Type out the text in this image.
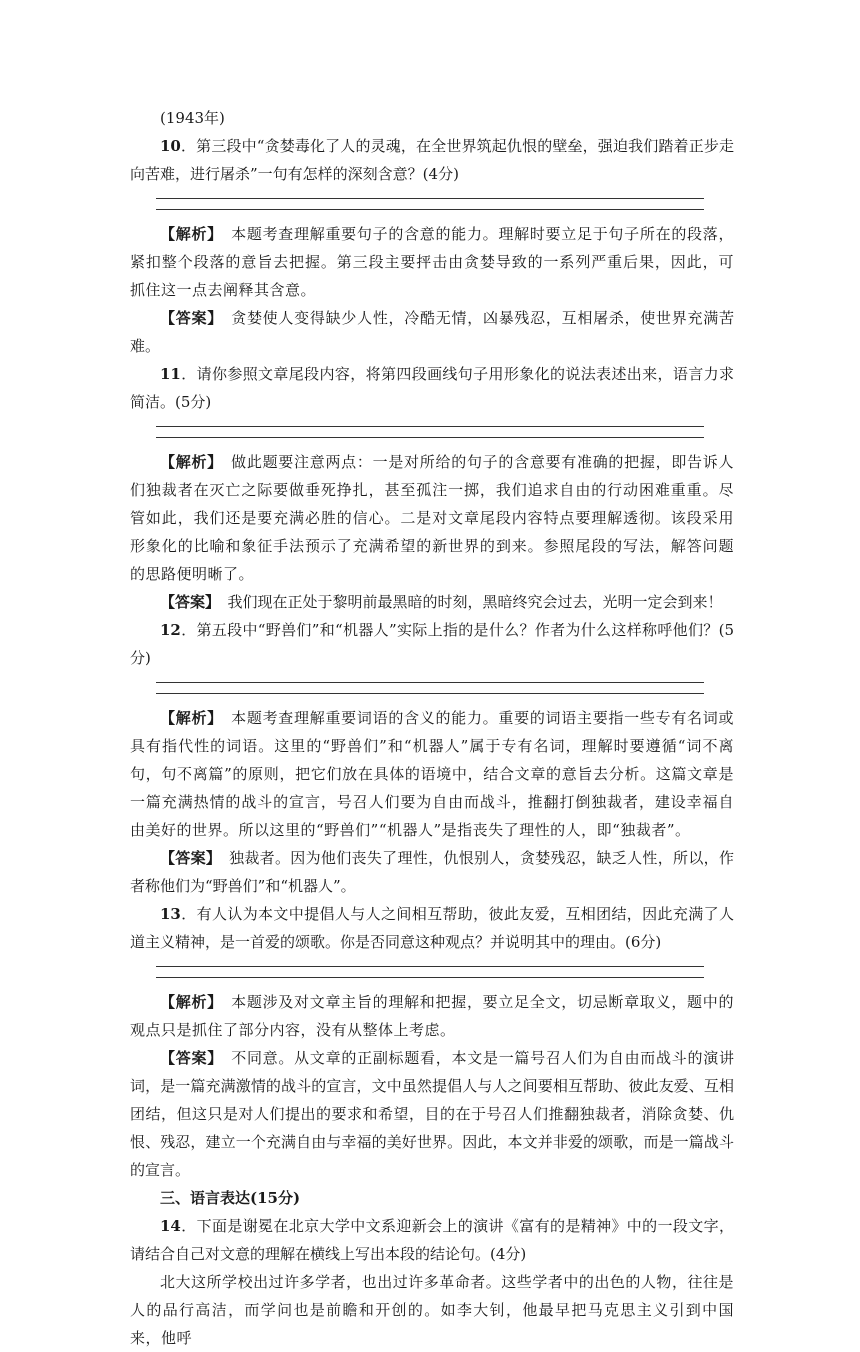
(1943年)

10．第三段中“贪婪毒化了人的灵魂，在全世界筑起仇恨的壁垒，强迫我们踏着正步走向苦难，进行屠杀”一句有怎样的深刻含意？(4分)

【解析】　 本题考查理解重要句子的含意的能力。理解时要立足于句子所在的段落，紧扣整个段落的意旨去把握。第三段主要抨击由贪婪导致的一系列严重后果，因此，可抓住这一点去阐释其含意。

【答案】　 贪婪使人变得缺少人性，冷酷无情，凶暴残忍，互相屠杀，使世界充满苦难。

11．请你参照文章尾段内容，将第四段画线句子用形象化的说法表述出来，语言力求简洁。(5分)

【解析】　 做此题要注意两点：一是对所给的句子的含意要有准确的把握，即告诉人们独裁者在灭亡之际要做垂死挣扎，甚至孤注一掷，我们追求自由的行动困难重重。尽管如此，我们还是要充满必胜的信心。二是对文章尾段内容特点要理解透彻。该段采用形象化的比喻和象征手法预示了充满希望的新世界的到来。参照尾段的写法，解答问题的思路便明晰了。

【答案】　 我们现在正处于黎明前最黑暗的时刻，黑暗终究会过去，光明一定会到来！

12．第五段中“野兽们”和“机器人”实际上指的是什么？作者为什么这样称呼他们？(5分)

【解析】　 本题考查理解重要词语的含义的能力。重要的词语主要指一些专有名词或具有指代性的词语。这里的“野兽们”和“机器人”属于专有名词，理解时要遵循“词不离句，句不离篇”的原则，把它们放在具体的语境中，结合文章的意旨去分析。这篇文章是一篇充满热情的战斗的宣言，号召人们要为自由而战斗，推翻打倒独裁者，建设幸福自由美好的世界。所以这里的“野兽们”“机器人”是指丧失了理性的人，即“独裁者”。

【答案】　 独裁者。因为他们丧失了理性，仇恨别人，贪婪残忍，缺乏人性，所以，作者称他们为“野兽们”和“机器人”。

13．有人认为本文中提倡人与人之间相互帮助，彼此友爱，互相团结，因此充满了人道主义精神，是一首爱的颂歌。你是否同意这种观点？并说明其中的理由。(6分)

【解析】　 本题涉及对文章主旨的理解和把握，要立足全文，切忌断章取义，题中的观点只是抓住了部分内容，没有从整体上考虑。

【答案】　 不同意。从文章的正副标题看，本文是一篇号召人们为自由而战斗的演讲词，是一篇充满激情的战斗的宣言，文中虽然提倡人与人之间要相互帮助、彼此友爱、互相团结，但这只是对人们提出的要求和希望，目的在于号召人们推翻独裁者，消除贪婪、仇恨、残忍，建立一个充满自由与幸福的美好世界。因此，本文并非爱的颂歌，而是一篇战斗的宣言。

三、语言表达(15分)

14．下面是谢冕在北京大学中文系迎新会上的演讲《富有的是精神》中的一段文字，请结合自己对文意的理解在横线上写出本段的结论句。(4分)

北大这所学校出过许多学者，也出过许多革命者。这些学者中的出色的人物，往往是人的品行高洁，而学问也是前瞻和开创的。如李大钊，他最早把马克思主义引到中国来，他呼
